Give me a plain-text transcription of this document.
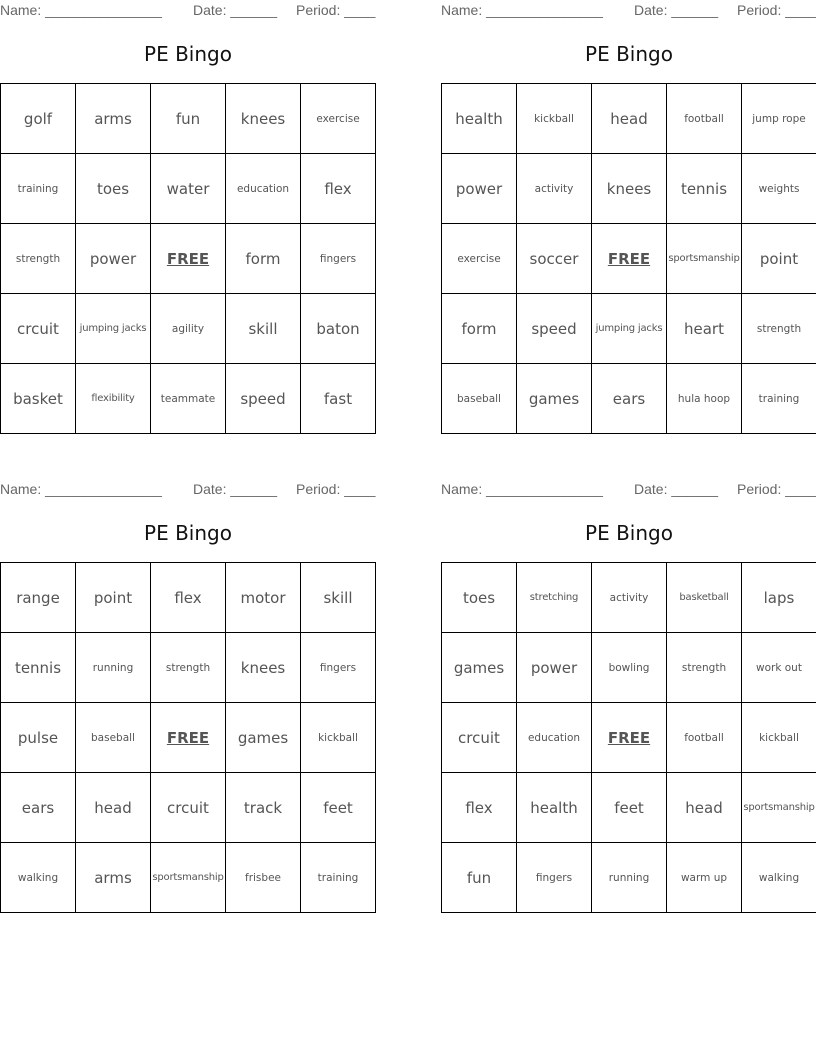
Name: _______________ Date: ______ Period: ____
PE Bingo
golf	arms	fun	knees	exercise
training	toes	water	education	flex
strength	power	FREE	form	fingers
crcuit	jumping jacks	agility	skill	baton
basket	flexibility	teammate	speed	fast
Name: _______________ Date: ______ Period: ____
PE Bingo
health	kickball	head	football	jump rope
power	activity	knees	tennis	weights
exercise	soccer	FREE	sportsmanship	point
form	speed	jumping jacks	heart	strength
baseball	games	ears	hula hoop	training
Name: _______________ Date: ______ Period: ____
PE Bingo
range	point	flex	motor	skill
tennis	running	strength	knees	fingers
pulse	baseball	FREE	games	kickball
ears	head	crcuit	track	feet
walking	arms	sportsmanship	frisbee	training
Name: _______________ Date: ______ Period: ____
PE Bingo
toes	stretching	activity	basketball	laps
games	power	bowling	strength	work out
crcuit	education	FREE	football	kickball
flex	health	feet	head	sportsmanship
fun	fingers	running	warm up	walking
